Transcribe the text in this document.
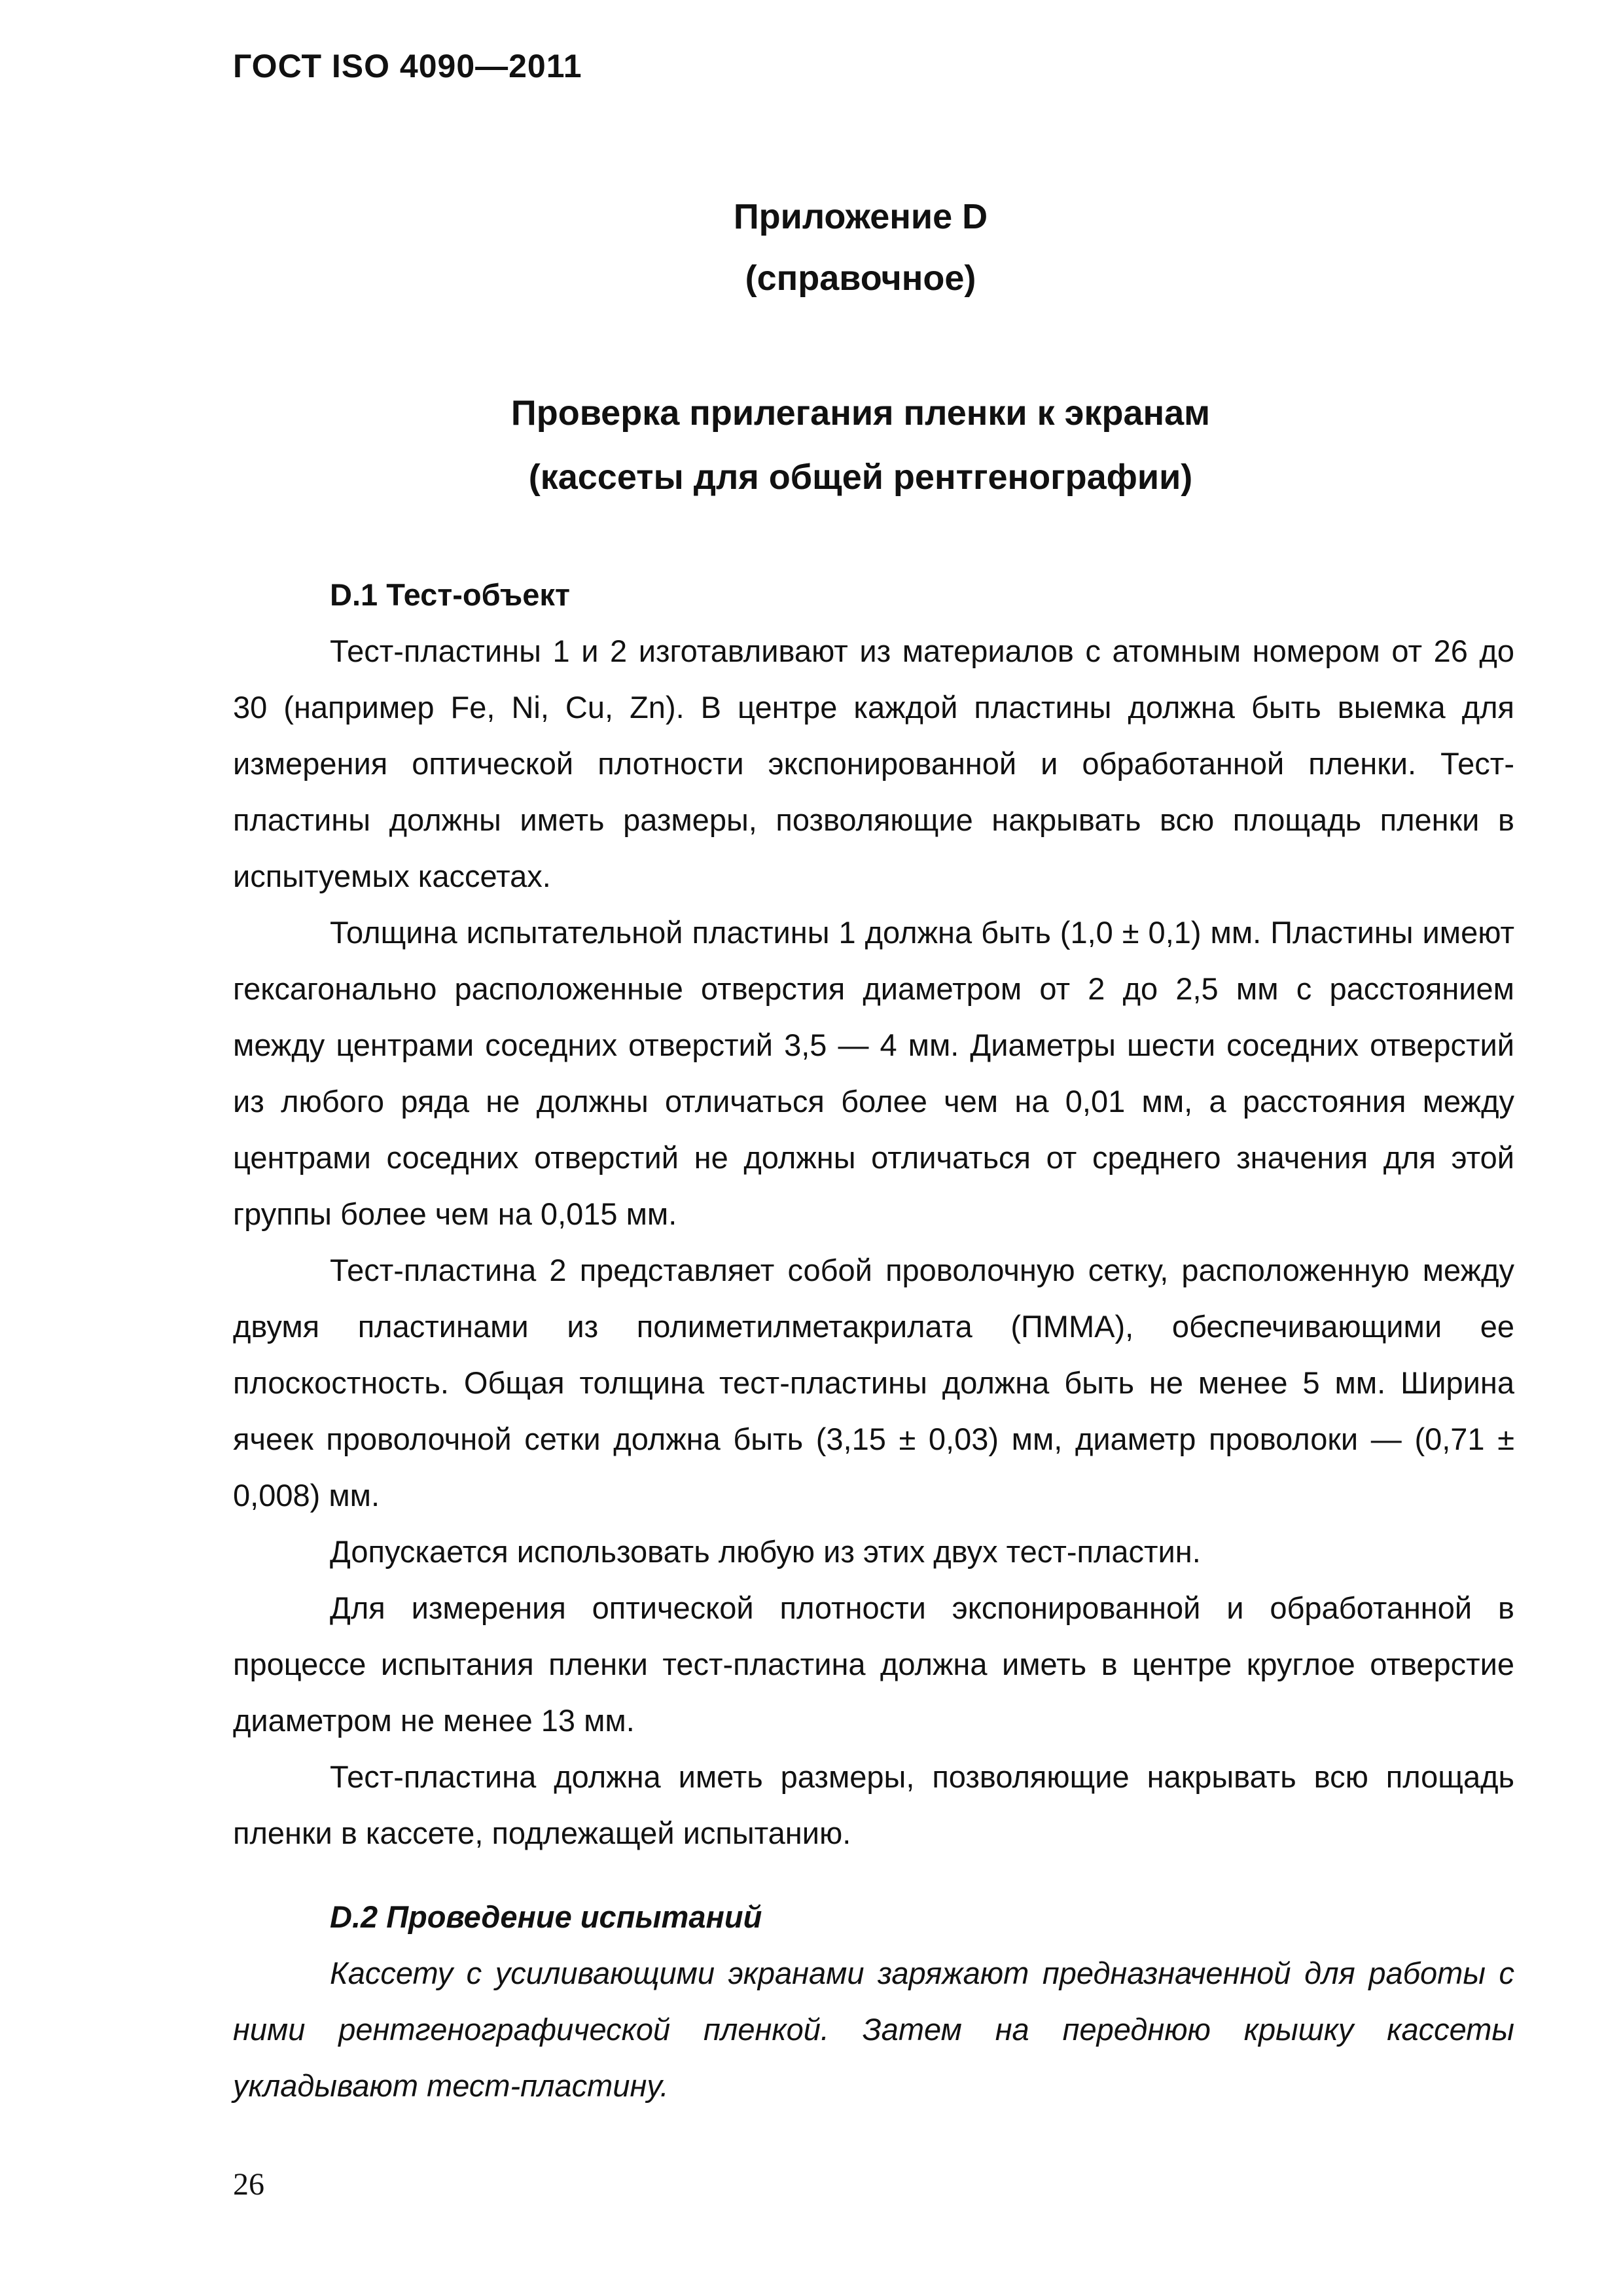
ГОСТ ISO 4090—2011
Приложение D
(справочное)
Проверка прилегания пленки к экранам
(кассеты для общей рентгенографии)
D.1 Тест-объект

Тест-пластины 1 и 2 изготавливают из материалов с атомным номером от 26 до 30 (например Fe, Ni, Cu, Zn). В центре каждой пластины должна быть выемка для измерения оптической плотности экспонированной и обработанной пленки. Тест-пластины должны иметь размеры, позволяющие накрывать всю площадь пленки в испытуемых кассетах.

Толщина испытательной пластины 1 должна быть (1,0 ± 0,1) мм. Пластины имеют гексагонально расположенные отверстия диаметром от 2 до 2,5 мм с расстоянием между центрами соседних отверстий 3,5 — 4 мм. Диаметры шести соседних отверстий из любого ряда не должны отличаться более чем на 0,01 мм, а расстояния между центрами соседних отверстий не должны отличаться от среднего значения для этой группы более чем на 0,015 мм.

Тест-пластина 2 представляет собой проволочную сетку, расположенную между двумя пластинами из полиметилметакрилата (ПММА), обеспечивающими ее плоскостность. Общая толщина тест-пластины должна быть не менее 5 мм. Ширина ячеек проволочной сетки должна быть (3,15 ± 0,03) мм, диаметр проволоки — (0,71 ± 0,008) мм.

Допускается использовать любую из этих двух тест-пластин.

Для измерения оптической плотности экспонированной и обработанной в процессе испытания пленки тест-пластина должна иметь в центре круглое отверстие диаметром не менее 13 мм.

Тест-пластина должна иметь размеры, позволяющие накрывать всю площадь пленки в кассете, подлежащей испытанию.

D.2 Проведение испытаний

Кассету с усиливающими экранами заряжают предназначенной для работы с ними рентгенографической пленкой. Затем на переднюю крышку кассеты укладывают тест-пластину.

26
